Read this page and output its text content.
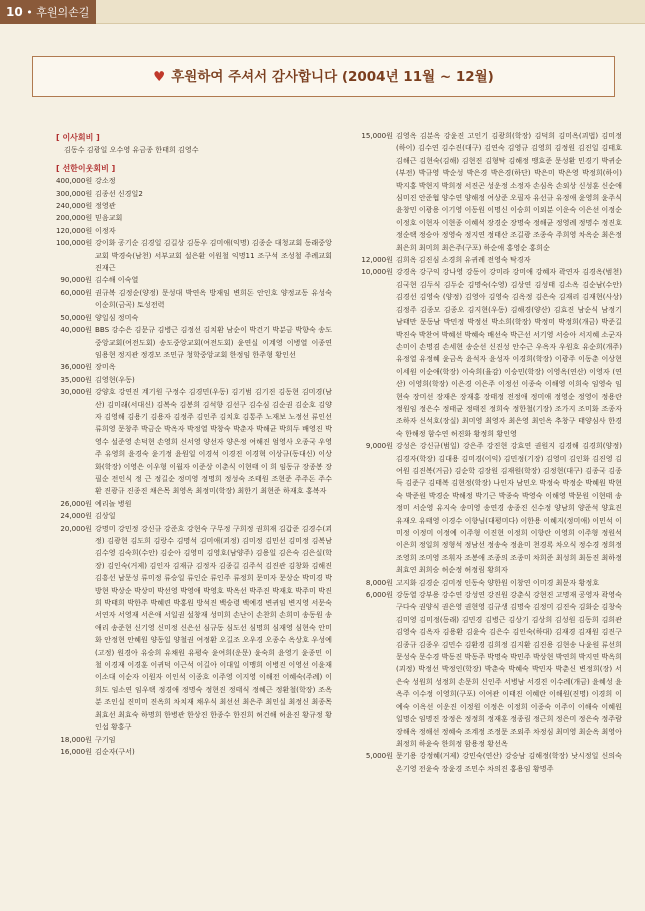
10 • 후원의손길
♥ 후원하여 주셔서 감사합니다 (2004년 11월 ~ 12월)
[ 이사회비 ]
김동수 김광일 오수영 유금종 한태희 김영수
[ 선한이웃회비 ]
400,000원 강소정
300,000원 김종선 신경일2
240,000원 정영관
200,000원 믿음교회
120,000원 이정자
100,000원 강이화 공기순 김경일 김길상 김동우 김미애(익명) 김종순 대청교회 동래중앙교회 박경숙(남천) 서부교회 설은환 이원철 익명11 조구석 조성철 주례교회 진재근
90,000원 김수해 이숙열
60,000원 권규복 김정순(양정) 문성대 박연옥 방재임 변희돈 안인호 양정교동 유성숙 이순희(금곡) 토성전력
50,000원 양일심 정미숙
40,000원 BBS 강수은 김문규 김병근 김정선 김치환 남순이 박건기 박분금 박향숙 송도중앙교회(여전도회) 송도중앙교회(여전도회) 윤연실 이계영 이병열 이종연 임용현 정지관 정경모 조민규 청학중앙교회 한정임 한주형 황인선
36,000원 장미옥
35,000원 김영현(우동)
30,000원 강양호 강연진 계기원 구정수 김경민(우동) 김기범 김기진 김동현 김미경(남산) 김미래(서대신) 김복숙 김봉희 김석향 김선구 김수심 김순권 김순호 김양자 김영해 김용기 김용자 김정주 김인주 김치호 김통주 노재보 노정선 류인선 류희영 문창주 박금순 박옥자 박정열 박창숙 박춘자 박해균 박희두 배영진 박영수 설준영 손덕현 손영희 신서영 양선자 양은정 여해진 엄영사 오종국 우영주 유영희 윤경숙 윤기정 윤원일 이경석 이경진 이경혁 이상규(동대신) 이상화(학장) 이영은 이우형 이월자 이준상 이춘식 이현태 이 희 임동규 장종봉 장필순 전인식 정 근 정길순 정미영 정명희 정성숙 조태원 조현준 주주돈 주수환 진광규 진종진 채은목 최영옥 최정미(학장) 최한기 최현준 하재호 홍복자
26,000원 예리놀 병원
24,000원 김상일
20,000원 강명미 강민정 강신규 강준호 강현숙 구무정 구희정 권희재 김갑준 김경수(괴정) 김광현 김도희 김랑수 김명석 김미애(괴정) 김미정 김민선 김미정 김복남 김수영 김숙희(수안) 김순아 김영미 김영호(남양주) 김용일 김은숙 김은실(학장) 김인숙(거제) 김인자 김재규 김정자 김종길 김주석 김진관 김창화 김해진 김흥선 남문성 류미정 류승일 류인순 류인주 류정희 문미자 문상순 박미경 박방현 박상순 박상미 박선영 박영애 박영호 박옥선 박주진 박재호 박주미 박진희 박태희 박한주 박혜련 박홍원 방석진 백승령 백예경 변귀임 변지영 서문숙 서연자 서영재 서은애 서일권 설창재 성미희 손난이 손찬희 손희미 송동원 송애리 송준현 신기영 신미정 신은선 심규동 심도선 심명희 심재영 심현숙 안미화 안정현 안혜원 양동일 양철권 여정환 오길조 오우경 오종수 옥상호 우성예(고정) 원경아 유승희 유채원 유평숙 윤여희(운문) 윤숙희 윤영기 윤종민 이 철 이경재 이경훈 이귀덕 이근석 이길아 이대일 이맹희 이병진 이영선 이윤재 이소대 이순자 이원자 이인석 이종호 이주영 이지영 이해전 이혜숙(주례) 이희도 임소연 임우택 정경애 정명숙 정현진 정태식 정혜근 정환철(학장) 조옥분 조인실 진미미 진옥희 차치재 채우식 최선선 최은주 최인실 최정신 최종목 최효선 최효숙 하명희 한병관 한상진 한종수 한진희 허건해 허윤진 황규정 황인섭 황홍구
18,000원 구기임
16,000원 김순자(구서)
15,000원 김영옥 김분옥 강윤진 고인기 김광희(학장) 김덕희 김미옥(괴법) 김미정(하이) 김수연 김수진(대구) 김연숙 김영규 김영희 김정원 김진일 김태호 김해근 김현숙(김해) 김현진 김형탁 김해정 맹효준 문성환 민경기 박귀순(부전) 박규영 박순성 박은경 박은경(하단) 박은미 박은영 박정희(하이) 박지홍 박현지 박희정 서진곤 성운정 소정자 손심옥 손외상 신성훈 신순애 심미진 안준협 양수연 양해정 여상준 오필자 유선규 유정애 윤영희 윤주식 윤창민 이광용 이기영 이동원 이명신 이승희 이외분 이운숙 이은선 이정순 이정호 이현자 이현종 이혜석 장경순 장명숙 정해균 정영례 정명수 정진호 정순택 정승아 정영숙 정지연 정태산 조길광 조종숙 주희영 차옥순 최은정 최은희 최미희 최은주(구포) 하순애 홍영순 홍희순
12,000원 김희옥 김진심 소경희 유귀례 전영숙 탁경자
10,000원 강경옥 강구익 강나영 강동이 강미라 강미애 강혜자 곽연자 김경옥(범천) 김국현 김두식 김두순 김명숙(수영) 김상연 김성태 김소옥 김순남(수안) 김경선 김영숙 (양정) 김영아 김영숙 김옥정 김은숙 김재리 김재현(사상) 김정주 김종모 김종오 김지현(우동) 김해경(양산) 김효진 남순식 남정기 남태만 문동남 박민정 박정선 박소희(학장) 박정미 박정희(개금) 박준길 박진숙 박찬여 박혜선 박혜숙 배선숙 박근선 서기영 서승아 서지혜 소군자 손미이 손명겸 손세현 송순선 신진성 안수근 우옥자 우원호 유순희(개주) 유정열 유정혜 윤금옥 윤석자 윤성자 이경희(학장) 이광주 이동춘 이상현 이세원 이순애(학장) 이숙희(율감) 이승민(학장) 이영옥(연산) 이영자 (연산) 이영희(학장) 이은경 이은주 이정선 이종숙 이해영 이희숙 임영숙 임현숙 장미선 장재은 장재홍 장태정 전정애 정미애 정영순 정영이 정용란 정원임 정은수 정태균 정태진 정희숙 정한철(기장) 조가지 조미화 조종자 조하자 신석호(장실) 최미영 최영자 최은영 최인옥 추창구 태양심사 한경숙 한해정 함수연 허진화 황정희 황인영
9,000원 강성은 강신규(범일) 강은주 강진현 강효연 권원지 김경해 김경희(양정) 김경자(학장) 김대용 김미경(이익) 김민정(기장) 김영미 김인화 김진영 김여원 김진복(거금) 김순학 김장원 김재원(학장) 김정현(대구) 김종국 김종득 김준구 김태복 김현정(학장) 나인자 남민오 박정숙 박정순 박혜원 박현숙 박준원 박경순 박해정 박기근 박종숙 박영숙 이해영 박문원 이현태 송정미 서순영 유지숙 송미영 송연경 송종진 신수정 양남희 양준석 양효진 유재오 유태영 이경수 이향님(대평미다) 이한용 이혜지(정미애) 이민석 이미정 이정미 이정예 이주형 이진현 이정희 이향란 이영희 이주형 정원석 이은희 정일희 정형석 정남선 정송숙 정윤미 천경록 차오식 정수경 정희정 조영희 조미영 조휘자 조봉애 조종의 조종미 차희준 최성희 최동진 최하정 최효연 최희승 허순정 허정림 황희자
8,000원 고지화 김경순 김미정 인동숙 양한원 이창연 이미경 최문자 황정호
6,000원 강동열 강부용 강수연 강성연 강진원 강춘식 강현진 고명재 공영자 곽영숙 구다숙 권양식 권은영 권현영 김규생 김명숙 김정미 김진숙 김화순 김창숙 김미영 김미정(동래) 김민경 김병근 김상기 김상희 김성원 김동희 김희관 김영숙 김옥자 김용환 김윤숙 김은수 김인숙(하대) 김재경 김재원 김진구 김종규 김종우 김민수 김환경 김희정 김지환 김진용 김현송 나윤원 류선희 문성숙 문수경 박동진 박동주 박명숙 박민주 박상현 박연희 박지연 박옥희(괴정) 박정선 박정인(학장) 박춘숙 박혜숙 박민자 박춘신 변정희(장) 서은숙 성원희 성정희 손문희 신인주 서병남 서경진 이수례(개금) 윤혜성 윤옥주 이수정 이영희(구포) 이여관 이태진 이혜란 이해원(진명) 이경희 이예숙 이옥선 이운진 이정원 이정은 이정희 이종숙 이주이 이해숙 이혜원 일명순 임명진 장정은 정정희 정재훈 정종림 정근희 정은미 정은숙 정주람 장해옥 정해선 정혜숙 조계정 조정문 조외주 차정심 최미영 최순옥 최영아 최정희 하윤숙 한희정 함용정 황선옥
5,000원 문기용 강정혜(거제) 강민숙(연산) 강승남 김해정(학장) 낫시정일 신의숙 온기영 전윤숙 장윤경 조민수 차의진 홍용임 황명주
